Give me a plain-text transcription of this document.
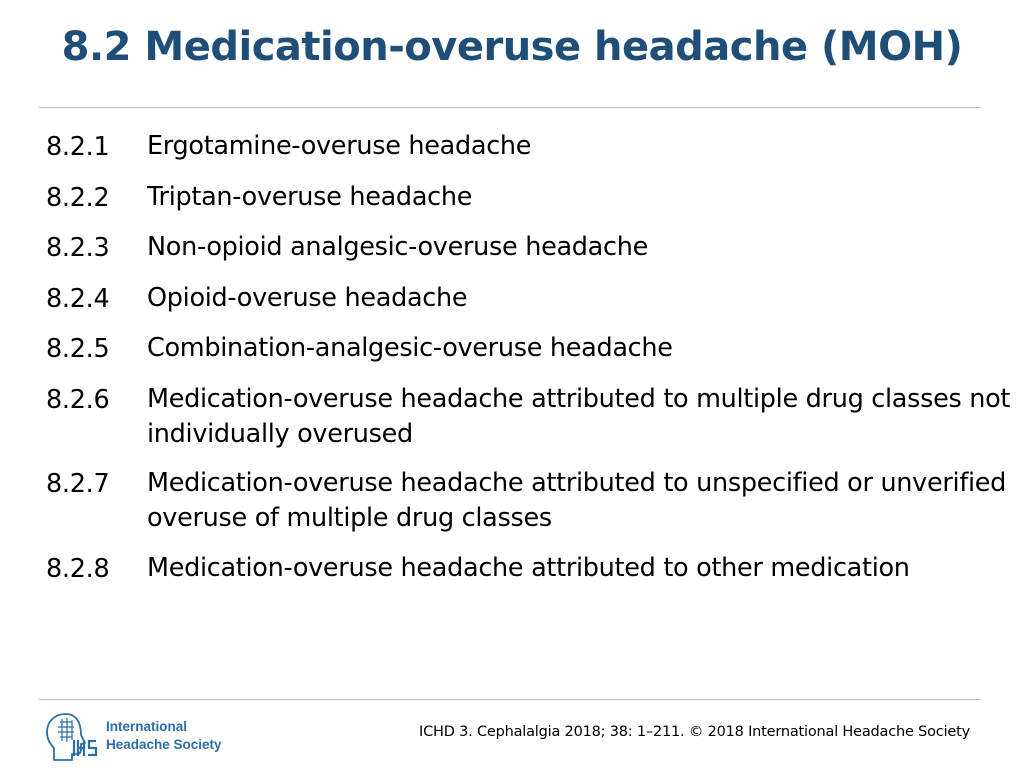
8.2 Medication-overuse headache (MOH)
8.2.1	Ergotamine-overuse headache
8.2.2	Triptan-overuse headache
8.2.3	Non-opioid analgesic-overuse headache
8.2.4	Opioid-overuse headache
8.2.5	Combination-analgesic-overuse headache
8.2.6	Medication-overuse headache attributed to multiple drug classes not individually overused
8.2.7	Medication-overuse headache attributed to unspecified or unverified overuse of multiple drug classes
8.2.8	Medication-overuse headache attributed to other medication
International
Headache Society
ICHD 3. Cephalalgia 2018; 38: 1–211. © 2018 International Headache Society
